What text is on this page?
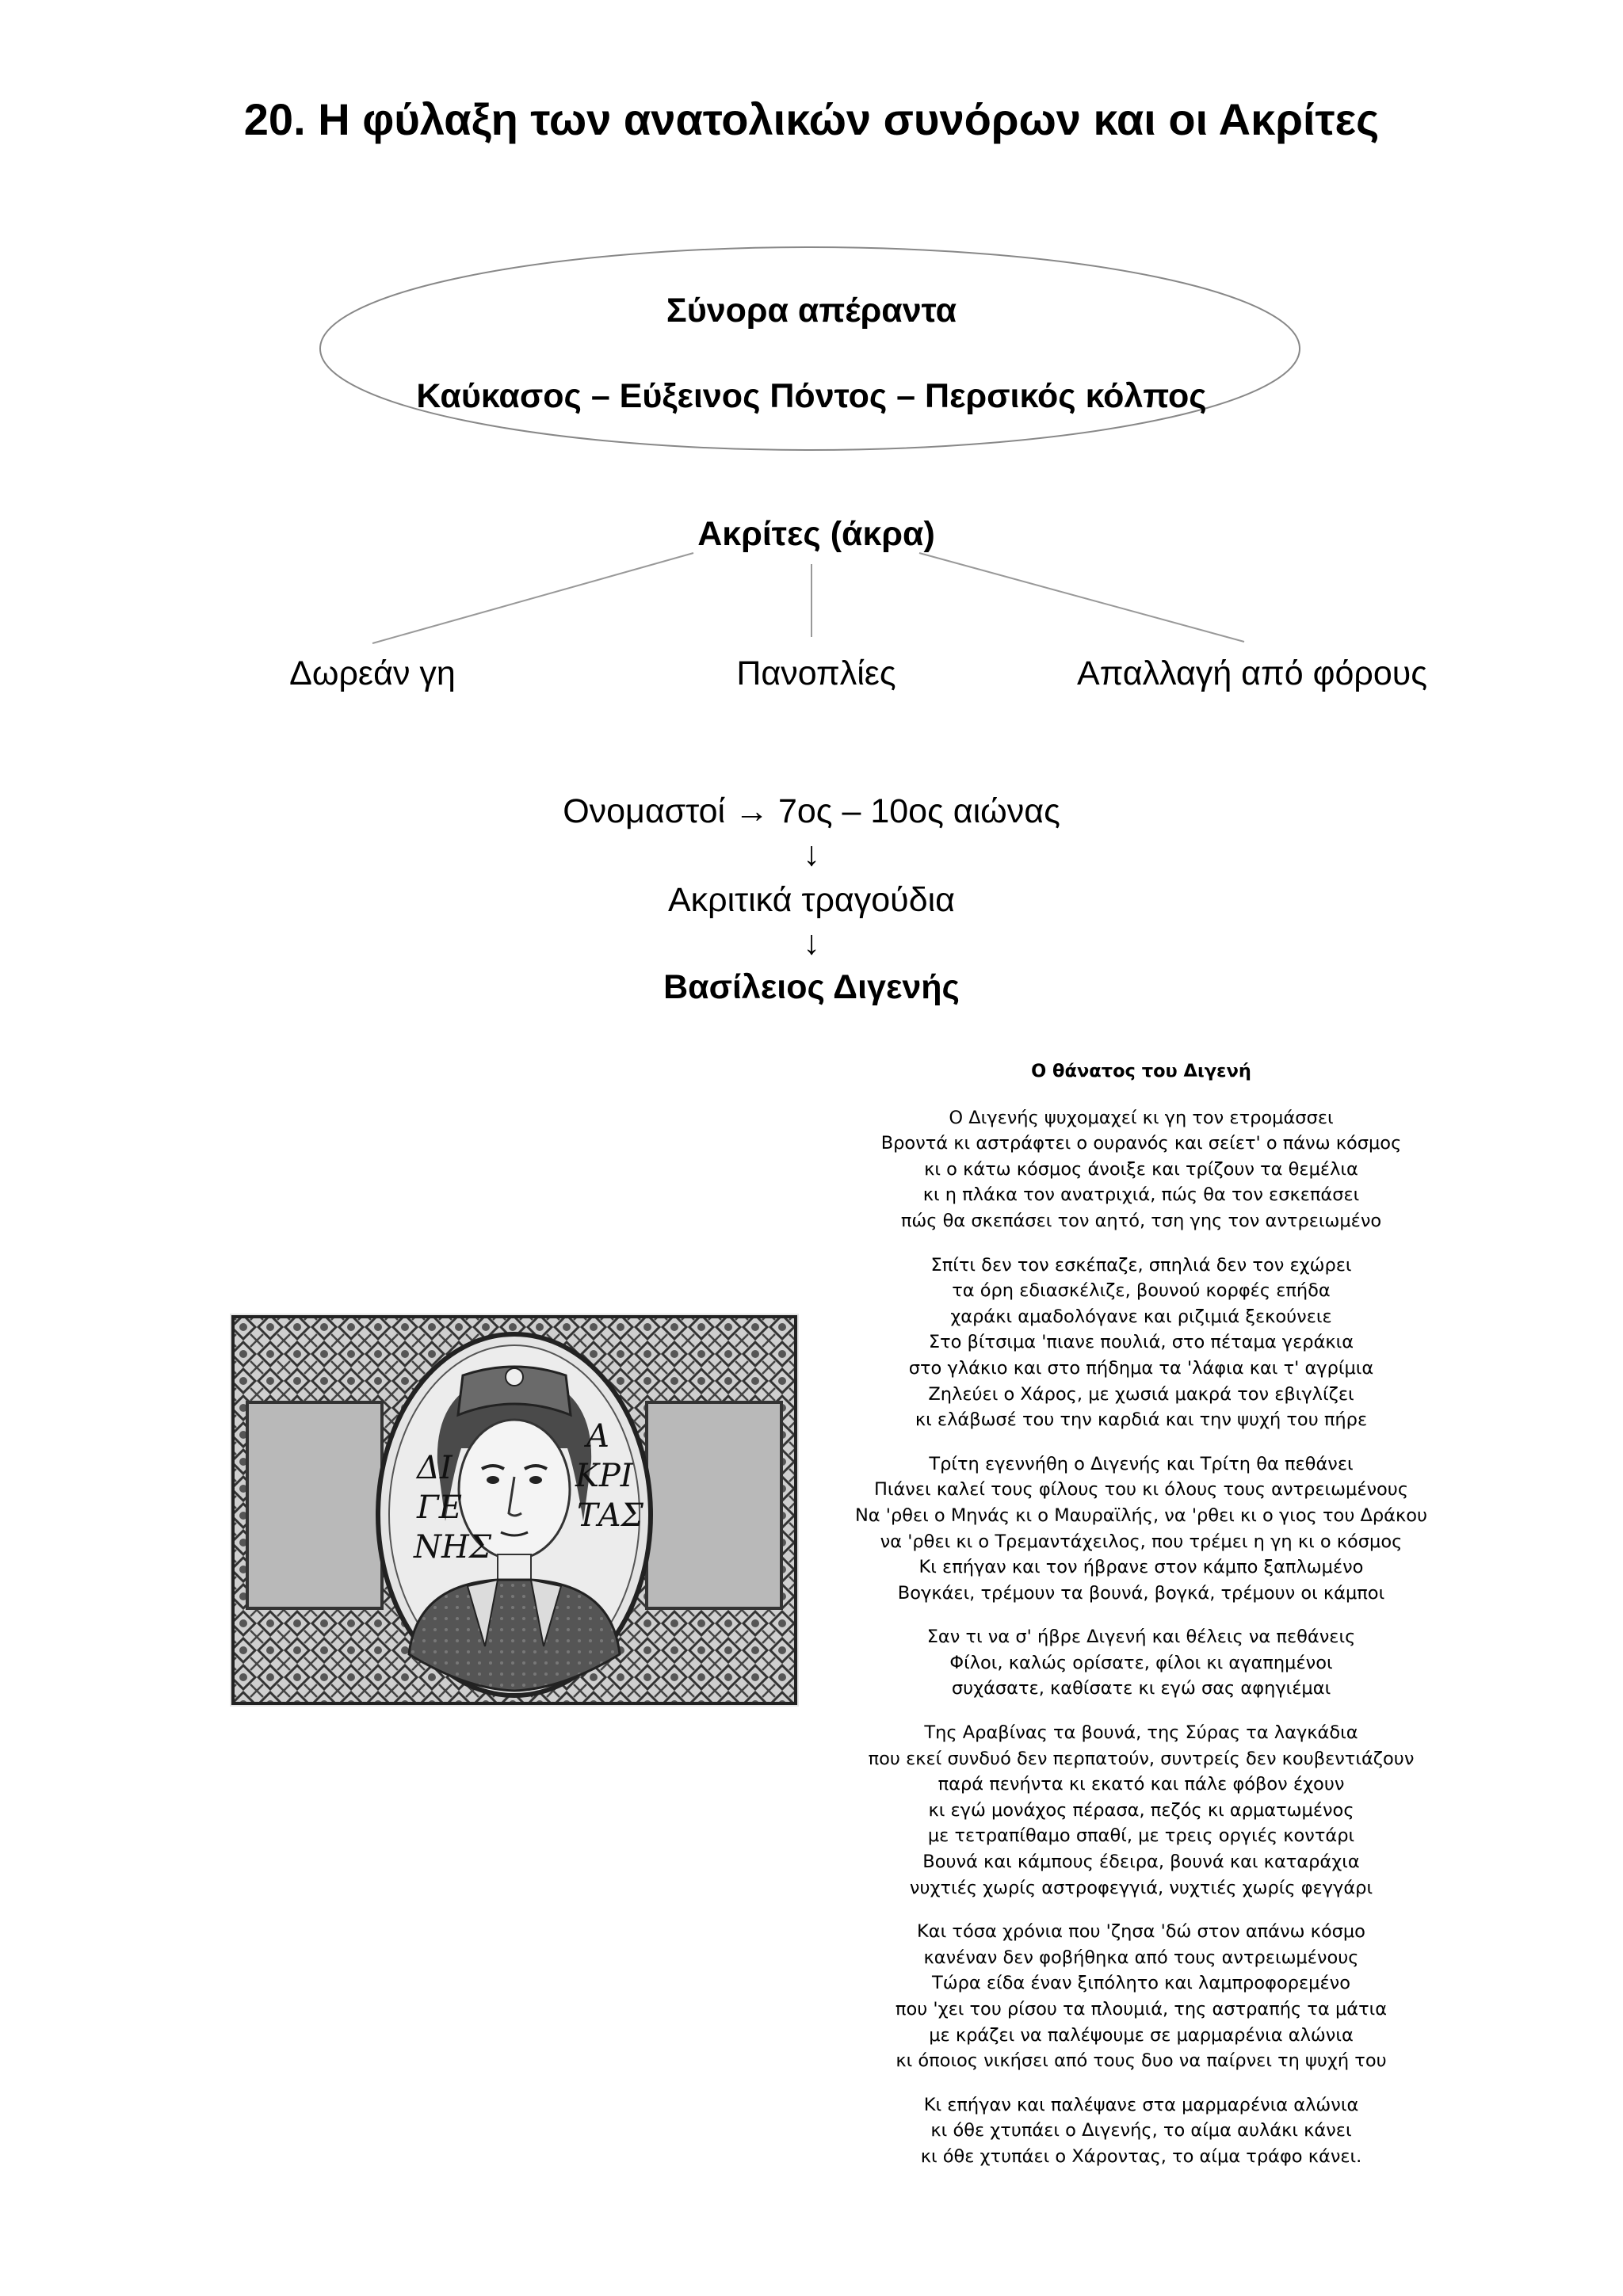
20. Η φύλαξη των ανατολικών συνόρων και οι Ακρίτες
Σύνορα απέραντα
Καύκασος – Εύξεινος Πόντος – Περσικός κόλπος
Ακρίτες (άκρα)
Δωρεάν γη	Πανοπλίες	Απαλλαγή από φόρους
Ονομαστοί → 7ος – 10ος αιώνας
↓
Ακριτικά τραγούδια
↓
Βασίλειος Διγενής
ΔΙ
ΓΕ
ΝΗΣ
Α
ΚΡΙ
ΤΑΣ
Ο θάνατος του Διγενή
Ο Διγενής ψυχομαχεί κι γη τον ετρομάσσει
Βροντά κι αστράφτει ο ουρανός και σείετ' ο πάνω κόσμος
κι ο κάτω κόσμος άνοιξε και τρίζουν τα θεμέλια
κι η πλάκα τον ανατριχιά, πώς θα τον εσκεπάσει
πώς θα σκεπάσει τον αητό, τση γης τον αντρειωμένο
Σπίτι δεν τον εσκέπαζε, σπηλιά δεν τον εχώρει
τα όρη εδιασκέλιζε, βουνού κορφές επήδα
χαράκι αμαδολόγανε και ριζιμιά ξεκούνειε
Στο βίτσιμα 'πιανε πουλιά, στο πέταμα γεράκια
στο γλάκιο και στο πήδημα τα 'λάφια και τ' αγρίμια
Ζηλεύει ο Χάρος, με χωσιά μακρά τον εβιγλίζει
κι ελάβωσέ του την καρδιά και την ψυχή του πήρε
Τρίτη εγεννήθη ο Διγενής και Τρίτη θα πεθάνει
Πιάνει καλεί τους φίλους του κι όλους τους αντρειωμένους
Να 'ρθει ο Μηνάς κι ο Μαυραϊλής, να 'ρθει κι ο γιος του Δράκου
να 'ρθει κι ο Τρεμαντάχειλος, που τρέμει η γη κι ο κόσμος
Κι επήγαν και τον ήβρανε στον κάμπο ξαπλωμένο
Βογκάει, τρέμουν τα βουνά, βογκά, τρέμουν οι κάμποι
Σαν τι να σ' ήβρε Διγενή και θέλεις να πεθάνεις
Φίλοι, καλώς ορίσατε, φίλοι κι αγαπημένοι
συχάσατε, καθίσατε κι εγώ σας αφηγιέμαι
Της Αραβίνας τα βουνά, της Σύρας τα λαγκάδια
που εκεί συνδυό δεν περπατούν, συντρείς δεν κουβεντιάζουν
παρά πενήντα κι εκατό και πάλε φόβον έχουν
κι εγώ μονάχος πέρασα, πεζός κι αρματωμένος
με τετραπίθαμο σπαθί, με τρεις οργιές κοντάρι
Βουνά και κάμπους έδειρα, βουνά και καταράχια
νυχτιές χωρίς αστροφεγγιά, νυχτιές χωρίς φεγγάρι
Και τόσα χρόνια που 'ζησα 'δώ στον απάνω κόσμο
κανέναν δεν φοβήθηκα από τους αντρειωμένους
Τώρα είδα έναν ξιπόλητο και λαμπροφορεμένο
που 'χει του ρίσου τα πλουμιά, της αστραπής τα μάτια
με κράζει να παλέψουμε σε μαρμαρένια αλώνια
κι όποιος νικήσει από τους δυο να παίρνει τη ψυχή του
Κι επήγαν και παλέψανε στα μαρμαρένια αλώνια
κι όθε χτυπάει ο Διγενής, το αίμα αυλάκι κάνει
κι όθε χτυπάει ο Χάροντας, το αίμα τράφο κάνει.
